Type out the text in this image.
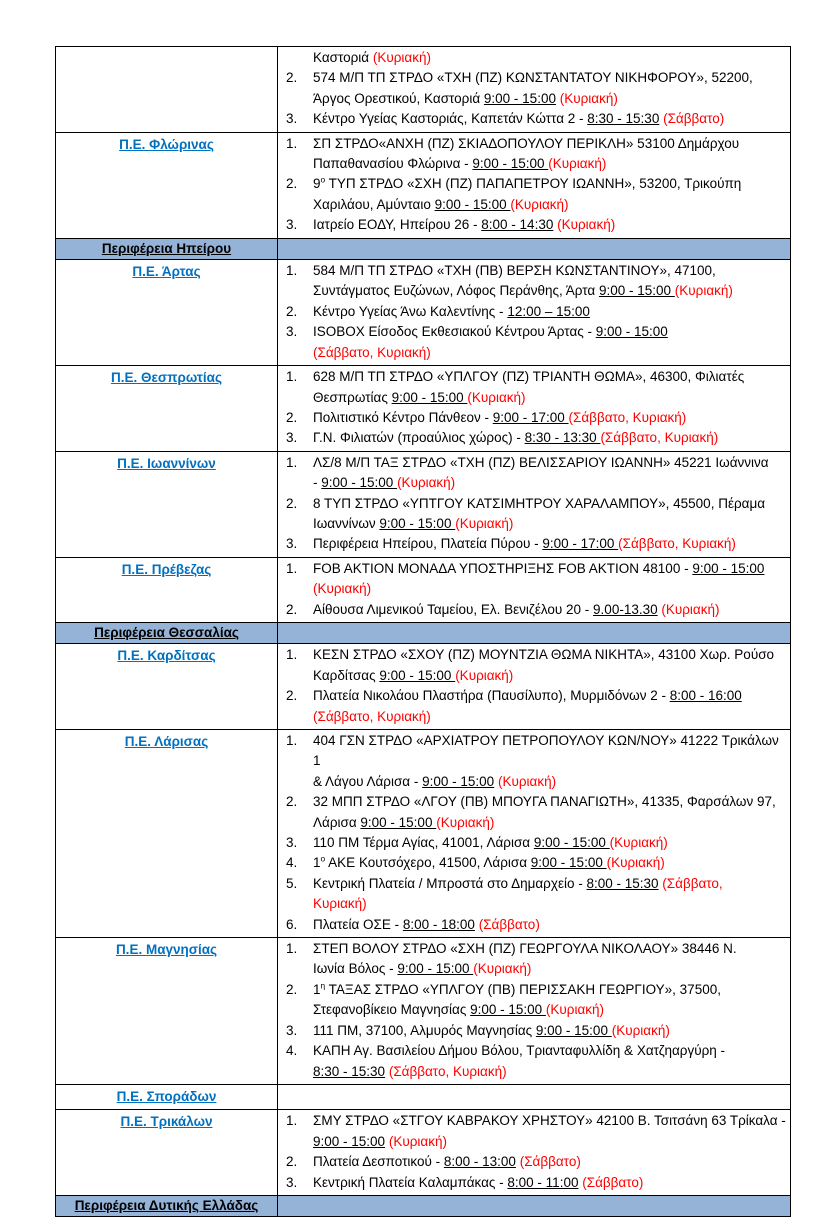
Καστοριά (Κυριακή)
2.	574 Μ/Π ΤΠ ΣΤΡΔΟ «ΤΧΗ (ΠΖ) ΚΩΝΣΤΑΝΤΑΤΟΥ ΝΙΚΗΦΟΡΟΥ», 52200,
Άργος Ορεστικού, Καστοριά 9:00 - 15:00 (Κυριακή)
3.	Κέντρο Υγείας Καστοριάς, Καπετάν Κώττα 2 - 8:30 - 15:30 (Σάββατο)

Π.Ε. Φλώρινας	1.	ΣΠ ΣΤΡΔΟ«ΑΝΧΗ (ΠΖ) ΣΚΙΑΔΟΠΟΥΛΟΥ ΠΕΡΙΚΛΗ» 53100 Δημάρχου
Παπαθανασίου Φλώρινα - 9:00 - 15:00 (Κυριακή)
2.	$9^o$ ΤΥΠ ΣΤΡΔΟ «ΣΧΗ (ΠΖ) ΠΑΠΑΠΕΤΡΟΥ ΙΩΑΝΝΗ», 53200, Τρικούπη
Χαριλάου, Αμύνταιο 9:00 - 15:00 (Κυριακή)
3.	Ιατρείο ΕΟΔΥ, Ηπείρου 26 - 8:00 - 14:30 (Κυριακή)

Περιφέρεια Ηπείρου	
Π.Ε. Άρτας	1.	584 Μ/Π ΤΠ ΣΤΡΔΟ «ΤΧΗ (ΠΒ) ΒΕΡΣΗ ΚΩΝΣΤΑΝΤΙΝΟΥ», 47100,
Συντάγματος Ευζώνων, Λόφος Περάνθης, Άρτα 9:00 - 15:00 (Κυριακή)
2.	Κέντρο Υγείας Άνω Καλεντίνης - 12:00 – 15:00
3.	ISOBOX Είσοδος Εκθεσιακού Κέντρου Άρτας - 9:00 - 15:00
(Σάββατο, Κυριακή)

Π.Ε. Θεσπρωτίας	1.	628 Μ/Π ΤΠ ΣΤΡΔΟ «ΥΠΛΓΟΥ (ΠΖ) ΤΡΙΑΝΤΗ ΘΩΜΑ», 46300, Φιλιατές
Θεσπρωτίας 9:00 - 15:00 (Κυριακή)
2.	Πολιτιστικό Κέντρο Πάνθεον - 9:00 - 17:00 (Σάββατο, Κυριακή)
3.	Γ.Ν. Φιλιατών (προαύλιος χώρος) - 8:30 - 13:30 (Σάββατο, Κυριακή)

Π.Ε. Ιωαννίνων	1.	ΛΣ/8 Μ/Π ΤΑΞ ΣΤΡΔΟ «ΤΧΗ (ΠΖ) ΒΕΛΙΣΣΑΡΙΟΥ ΙΩΑΝΝΗ» 45221 Ιωάννινα
- 9:00 - 15:00 (Κυριακή)
2.	8 ΤΥΠ ΣΤΡΔΟ «ΥΠΤΓΟΥ ΚΑΤΣΙΜΗΤΡΟΥ ΧΑΡΑΛΑΜΠΟΥ», 45500, Πέραμα
Ιωαννίνων 9:00 - 15:00 (Κυριακή)
3.	Περιφέρεια Ηπείρου, Πλατεία Πύρου - 9:00 - 17:00 (Σάββατο, Κυριακή)

Π.Ε. Πρέβεζας	1. FOB AKTION ΜΟΝΑΔΑ ΥΠΟΣΤΗΡΙΞΗΣ FOB AKTION 48100 - 9:00 - 15:00
(Κυριακή)
2. Αίθουσα Λιμενικού Ταμείου, Ελ. Βενιζέλου 20 - 9.00-13.30 (Κυριακή)

Περιφέρεια Θεσσαλίας	
Π.Ε. Καρδίτσας	1.	ΚΕΣΝ ΣΤΡΔΟ «ΣΧΟΥ (ΠΖ) ΜΟΥΝΤΖΙΑ ΘΩΜΑ ΝΙΚΗΤΑ», 43100 Χωρ. Ρούσο
Καρδίτσας 9:00 - 15:00 (Κυριακή)
2.	Πλατεία Νικολάου Πλαστήρα (Παυσίλυπο), Μυρμιδόνων 2 - 8:00 - 16:00
(Σάββατο, Κυριακή)

Π.Ε. Λάρισας	1.	404 ΓΣΝ ΣΤΡΔΟ «ΑΡΧΙΑΤΡΟΥ ΠΕΤΡΟΠΟΥΛΟΥ ΚΩΝ/ΝΟΥ» 41222 Τρικάλων 1
& Λάγου Λάρισα - 9:00 - 15:00 (Κυριακή)
2.	32 ΜΠΠ ΣΤΡΔΟ «ΛΓΟΥ (ΠΒ) ΜΠΟΥΓΑ ΠΑΝΑΓΙΩΤΗ», 41335, Φαρσάλων 97,
Λάρισα 9:00 - 15:00 (Κυριακή)
3.	110 ΠΜ Τέρμα Αγίας, 41001, Λάρισα 9:00 - 15:00 (Κυριακή)
4.	$1^o$ ΑΚΕ Κουτσόχερο, 41500, Λάρισα 9:00 - 15:00 (Κυριακή)
5.	Κεντρική Πλατεία / Μπροστά στο Δημαρχείο - 8:00 - 15:30 (Σάββατο,
Κυριακή)
6.	Πλατεία ΟΣΕ - 8:00 - 18:00 (Σάββατο)

Π.Ε. Μαγνησίας	1.	ΣΤΕΠ ΒΟΛΟΥ ΣΤΡΔΟ «ΣΧΗ (ΠΖ) ΓΕΩΡΓΟΥΛΑ ΝΙΚΟΛΑΟΥ» 38446 Ν.
Ιωνία Βόλος - 9:00 - 15:00 (Κυριακή)
2.	$1^\eta$ ΤΑΞΑΣ ΣΤΡΔΟ «ΥΠΛΓΟΥ (ΠΒ) ΠΕΡΙΣΣΑΚΗ ΓΕΩΡΓΙΟΥ», 37500,
Στεφανοβίκειο Μαγνησίας 9:00 - 15:00 (Κυριακή)
3.	111 ΠΜ, 37100, Αλμυρός Μαγνησίας 9:00 - 15:00 (Κυριακή)
4.	ΚΑΠΗ Αγ. Βασιλείου Δήμου Βόλου, Τριανταφυλλίδη & Χατζηαργύρη -
8:30 - 15:30 (Σάββατο, Κυριακή)

Π.Ε. Σποράδων	
Π.Ε. Τρικάλων	1.	ΣΜΥ ΣΤΡΔΟ «ΣΤΓΟΥ ΚΑΒΡΑΚΟΥ ΧΡΗΣΤΟΥ» 42100 Β. Τσιτσάνη 63 Τρίκαλα -
9:00 - 15:00 (Κυριακή)
2.	Πλατεία Δεσποτικού - 8:00 - 13:00 (Σάββατο)
3.	Κεντρική Πλατεία Καλαμπάκας - 8:00 - 11:00 (Σάββατο)

Περιφέρεια Δυτικής Ελλάδας	
